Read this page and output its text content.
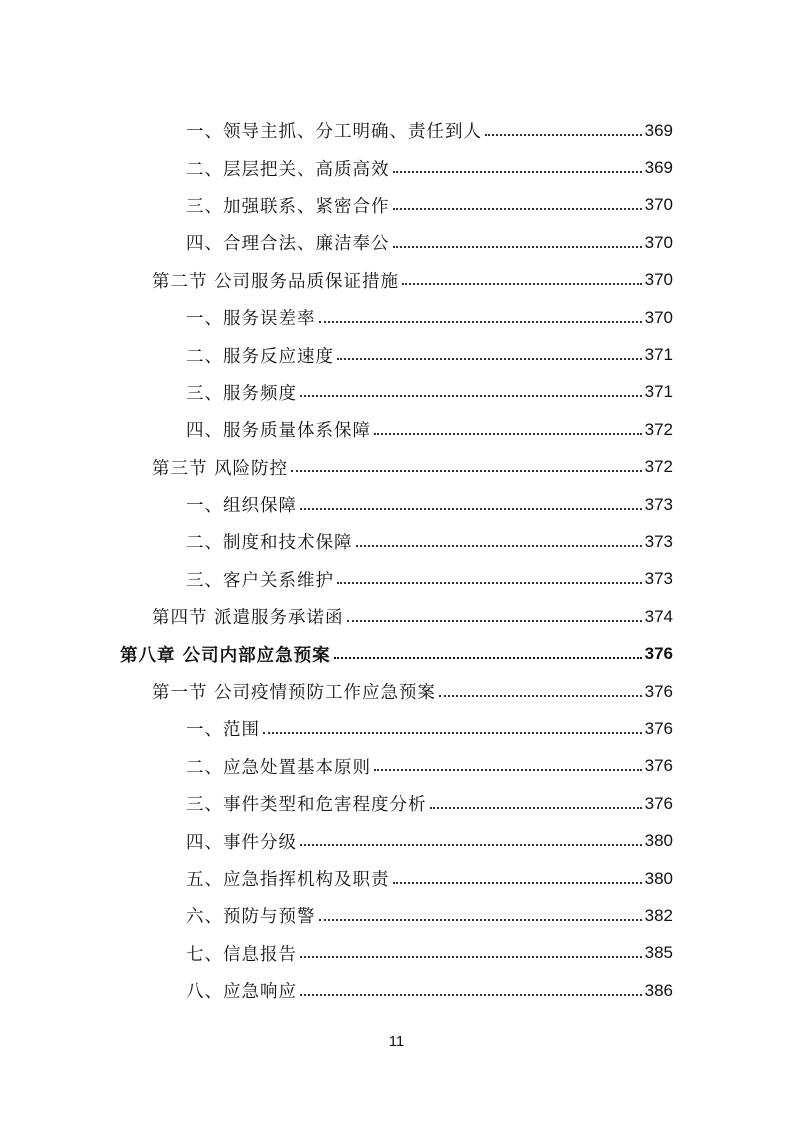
一、领导主抓、分工明确、责任到人	369
二、层层把关、高质高效	369
三、加强联系、紧密合作	370
四、合理合法、廉洁奉公	370
第二节 公司服务品质保证措施	370
一、服务误差率	370
二、服务反应速度	371
三、服务频度	371
四、服务质量体系保障	372
第三节 风险防控	372
一、组织保障	373
二、制度和技术保障	373
三、客户关系维护	373
第四节 派遣服务承诺函	374
第八章 公司内部应急预案	376
第一节 公司疫情预防工作应急预案	376
一、范围	376
二、应急处置基本原则	376
三、事件类型和危害程度分析	376
四、事件分级	380
五、应急指挥机构及职责	380
六、预防与预警	382
七、信息报告	385
八、应急响应	386
11
